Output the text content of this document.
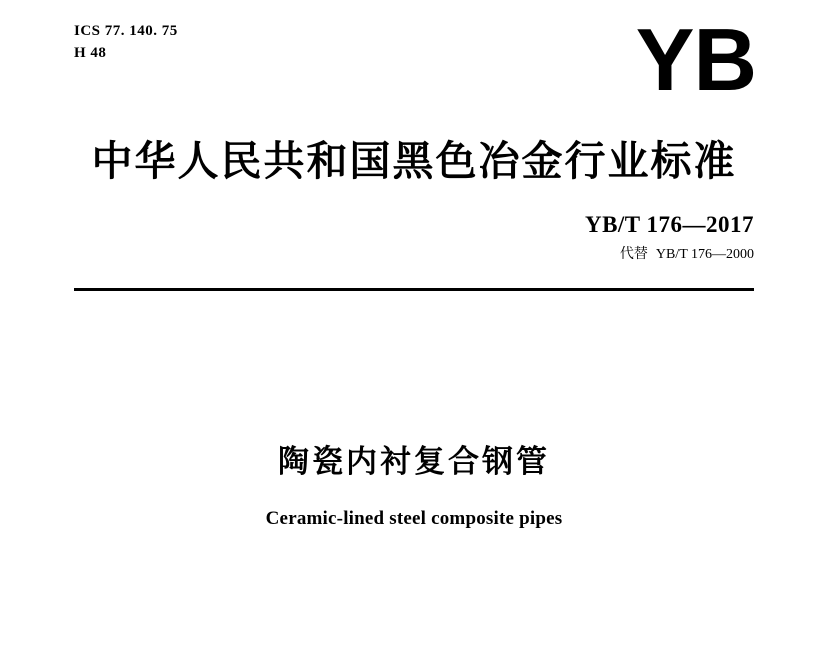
ICS 77. 140. 75
H 48	YB
中华人民共和国黑色冶金行业标准
YB/T 176—2017
代替 YB/T 176—2000
陶瓷内衬复合钢管
Ceramic-lined steel composite pipes
